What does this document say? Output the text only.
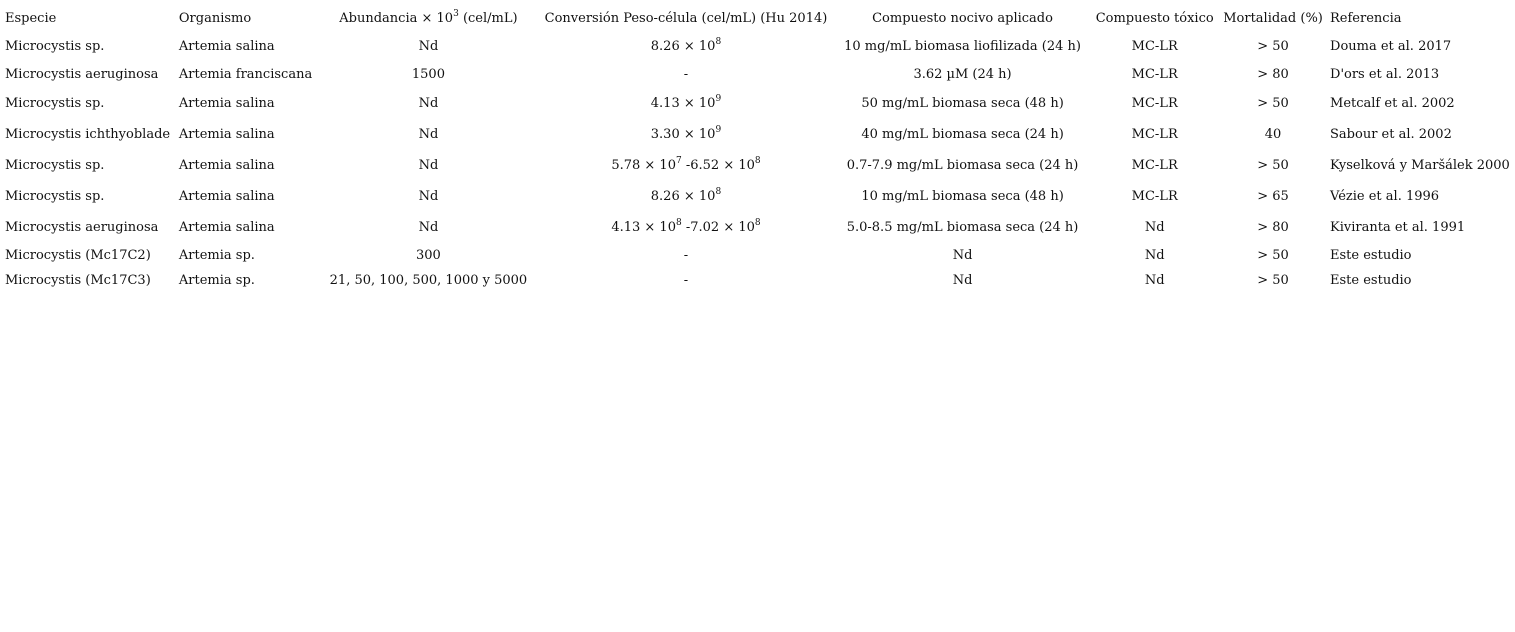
Especie	Organismo	Abundancia × $10^3$ (cel/mL)	Conversión Peso-célula (cel/mL) (Hu 2014)	Compuesto nocivo aplicado	Compuesto tóxico	Mortalidad (%)	Referencia
Microcystis sp.	Artemia salina	Nd	$8.26 \times 10^8$	10 mg/mL biomasa liofilizada (24 h)	MC-LR	> 50	Douma et al. 2017
Microcystis aeruginosa	Artemia franciscana	1500	-	3.62 µM (24 h)	MC-LR	> 80	D'ors et al. 2013
Microcystis sp.	Artemia salina	Nd	$4.13 \times 10^9$	50 mg/mL biomasa seca (48 h)	MC-LR	> 50	Metcalf et al. 2002
Microcystis ichthyoblade	Artemia salina	Nd	$3.30 \times 10^9$	40 mg/mL biomasa seca (24 h)	MC-LR	40	Sabour et al. 2002
Microcystis sp.	Artemia salina	Nd	$5.78 \times 10^7$ $-6.52 \times 10^8$	0.7-7.9 mg/mL biomasa seca (24 h)	MC-LR	> 50	Kyselková y Maršálek 2000
Microcystis sp.	Artemia salina	Nd	$8.26 \times 10^8$	10 mg/mL biomasa seca (48 h)	MC-LR	> 65	Vézie et al. 1996
Microcystis aeruginosa	Artemia salina	Nd	$4.13 \times 10^8$ $-7.02 \times 10^8$	5.0-8.5 mg/mL biomasa seca (24 h)	Nd	> 80	Kiviranta et al. 1991
Microcystis (Mc17C2)	Artemia sp.	300	-	Nd	Nd	> 50	Este estudio
Microcystis (Mc17C3)	Artemia sp.	21, 50, 100, 500, 1000 y 5000	-	Nd	Nd	> 50	Este estudio
